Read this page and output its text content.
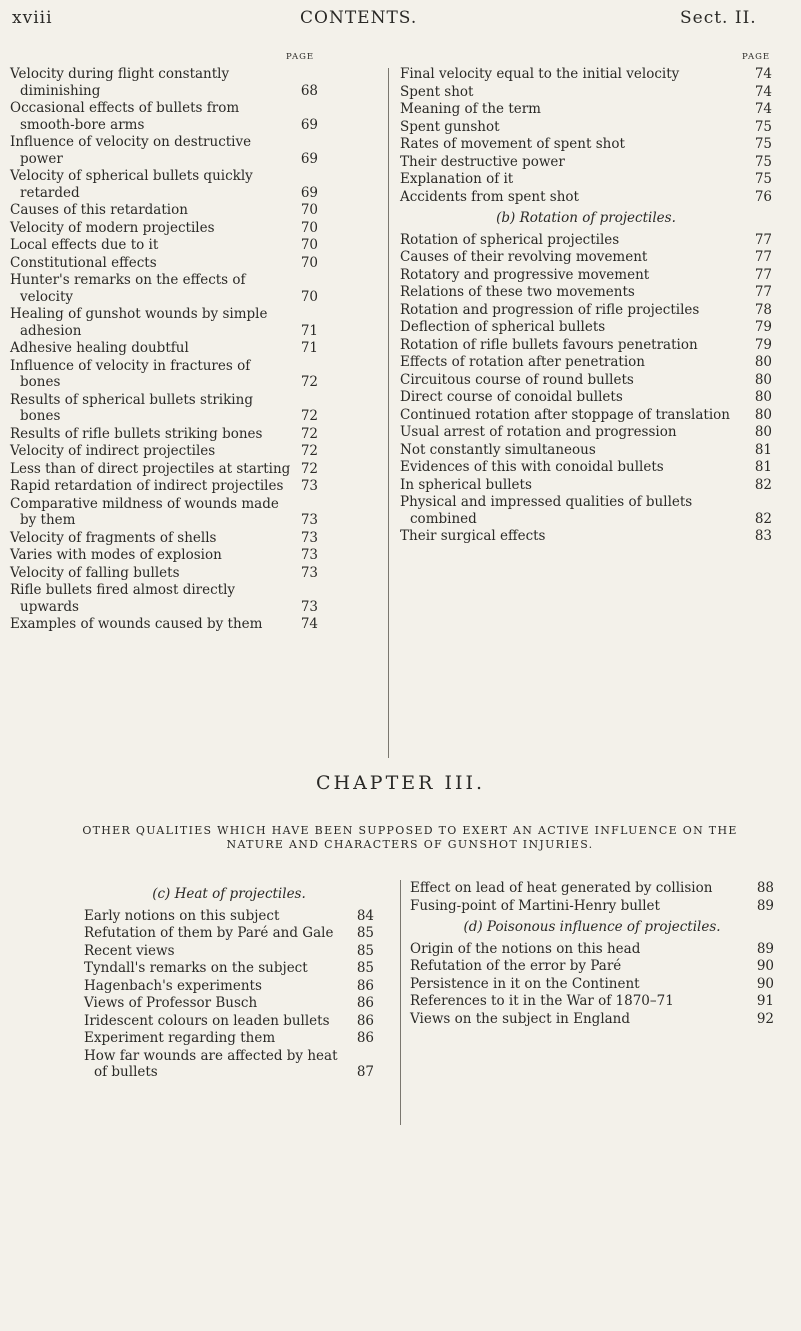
xviii	CONTENTS.	Sect. II.
PAGE	PAGE
Velocity during flight constantly diminishing	68
Occasional effects of bullets from smooth-bore arms	69
Influence of velocity on destructive power	69
Velocity of spherical bullets quickly retarded	69
Causes of this retardation	70
Velocity of modern projectiles	70
Local effects due to it	70
Constitutional effects	70
Hunter's remarks on the effects of velocity	70
Healing of gunshot wounds by simple adhesion	71
Adhesive healing doubtful	71
Influence of velocity in fractures of bones	72
Results of spherical bullets striking bones	72
Results of rifle bullets striking bones	72
Velocity of indirect projectiles	72
Less than of direct projectiles at starting 72
Rapid retardation of indirect projectiles	73
Comparative mildness of wounds made by them	73
Velocity of fragments of shells	73
Varies with modes of explosion	73
Velocity of falling bullets	73
Rifle bullets fired almost directly upwards	73
Examples of wounds caused by them	74
Final velocity equal to the initial velocity	74
Spent shot	74
Meaning of the term	74
Spent gunshot	75
Rates of movement of spent shot	75
Their destructive power	75
Explanation of it	75
Accidents from spent shot	76
(b) Rotation of projectiles.
Rotation of spherical projectiles	77
Causes of their revolving movement	77
Rotatory and progressive movement	77
Relations of these two movements	77
Rotation and progression of rifle projectiles	78
Deflection of spherical bullets	79
Rotation of rifle bullets favours penetration	79
Effects of rotation after penetration	80
Circuitous course of round bullets	80
Direct course of conoidal bullets	80
Continued rotation after stoppage of translation	80
Usual arrest of rotation and progression	80
Not constantly simultaneous	81
Evidences of this with conoidal bullets	81
In spherical bullets	82
Physical and impressed qualities of bullets combined	82
Their surgical effects	83
CHAPTER III.
OTHER QUALITIES WHICH HAVE BEEN SUPPOSED TO EXERT AN ACTIVE INFLUENCE ON THE NATURE AND CHARACTERS OF GUNSHOT INJURIES.
(c) Heat of projectiles.
Early notions on this subject	84
Refutation of them by Paré and Gale	85
Recent views	85
Tyndall's remarks on the subject	85
Hagenbach's experiments	86
Views of Professor Busch	86
Iridescent colours on leaden bullets	86
Experiment regarding them	86
How far wounds are affected by heat of bullets	87
Effect on lead of heat generated by collision	88
Fusing-point of Martini-Henry bullet	89
(d) Poisonous influence of projectiles.
Origin of the notions on this head	89
Refutation of the error by Paré	90
Persistence in it on the Continent	90
References to it in the War of 1870–71	91
Views on the subject in England	92
